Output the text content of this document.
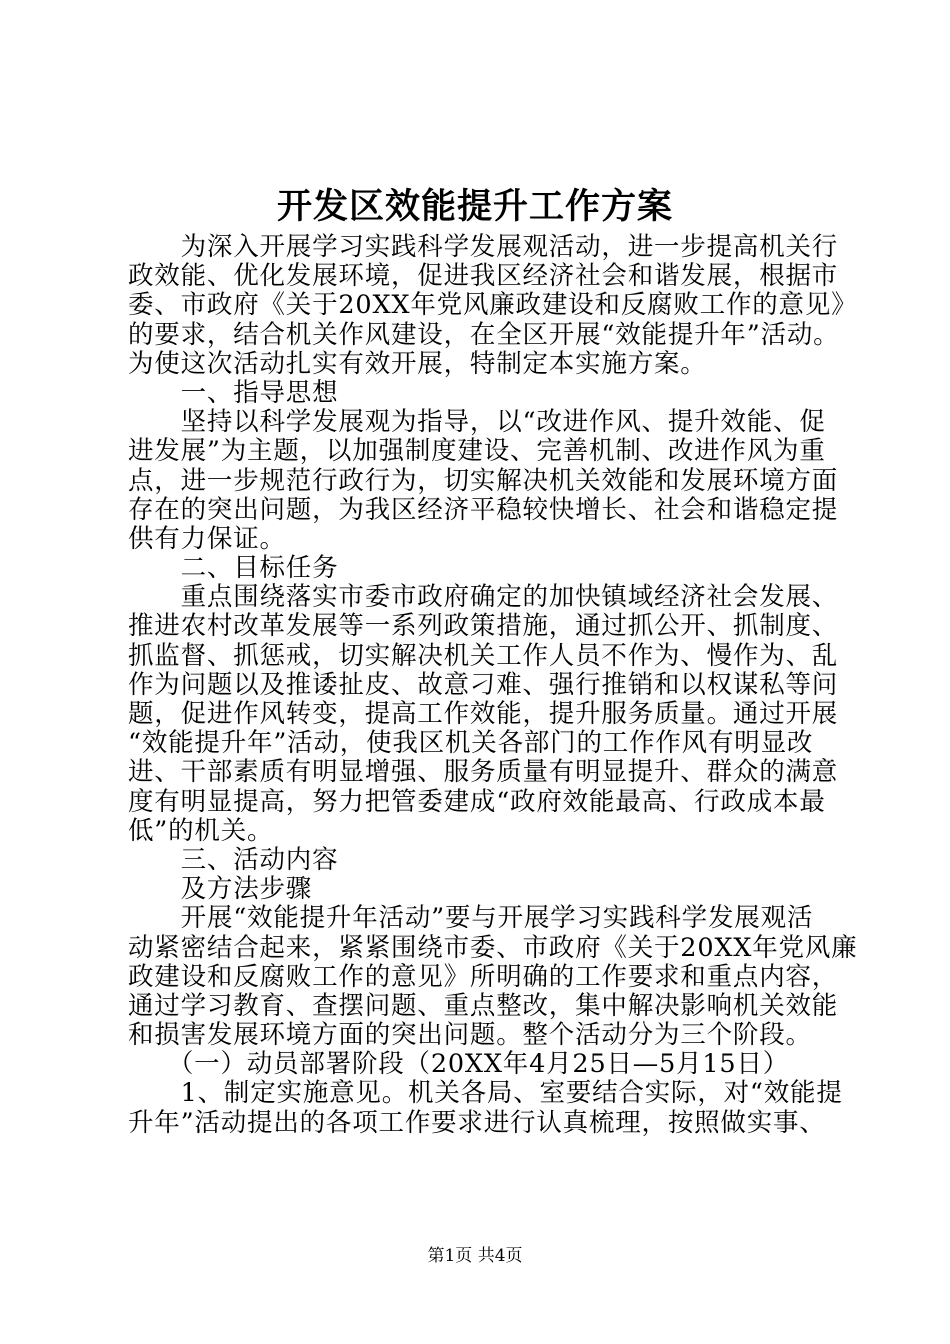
开发区效能提升工作方案
　　为深入开展学习实践科学发展观活动，进一步提高机关行
政效能、优化发展环境，促进我区经济社会和谐发展，根据市
委、市政府《关于20XX年党风廉政建设和反腐败工作的意见》
的要求，结合机关作风建设，在全区开展“效能提升年”活动。
为使这次活动扎实有效开展，特制定本实施方案。
　　一、指导思想
　　坚持以科学发展观为指导，以“改进作风、提升效能、促
进发展”为主题，以加强制度建设、完善机制、改进作风为重
点，进一步规范行政行为，切实解决机关效能和发展环境方面
存在的突出问题，为我区经济平稳较快增长、社会和谐稳定提
供有力保证。
　　二、目标任务
　　重点围绕落实市委市政府确定的加快镇域经济社会发展、
推进农村改革发展等一系列政策措施，通过抓公开、抓制度、
抓监督、抓惩戒，切实解决机关工作人员不作为、慢作为、乱
作为问题以及推诿扯皮、故意刁难、强行推销和以权谋私等问
题，促进作风转变，提高工作效能，提升服务质量。通过开展
“效能提升年”活动，使我区机关各部门的工作作风有明显改
进、干部素质有明显增强、服务质量有明显提升、群众的满意
度有明显提高，努力把管委建成“政府效能最高、行政成本最
低”的机关。
　　三、活动内容
　　及方法步骤
　　开展“效能提升年活动”要与开展学习实践科学发展观活
动紧密结合起来，紧紧围绕市委、市政府《关于20XX年党风廉
政建设和反腐败工作的意见》所明确的工作要求和重点内容，
通过学习教育、查摆问题、重点整改，集中解决影响机关效能
和损害发展环境方面的突出问题。整个活动分为三个阶段。
　　（一）动员部署阶段（20XX年4月25日—5月15日）
　　1、制定实施意见。机关各局、室要结合实际，对“效能提
升年”活动提出的各项工作要求进行认真梳理，按照做实事、
第1页 共4页
